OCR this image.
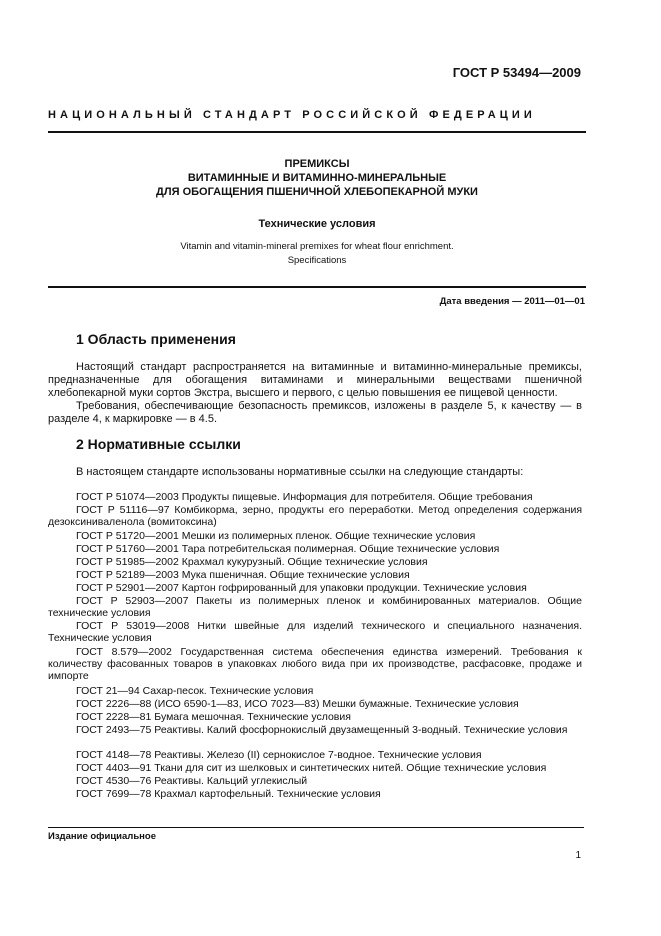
ГОСТ Р 53494—2009
НАЦИОНАЛЬНЫЙ СТАНДАРТ РОССИЙСКОЙ ФЕДЕРАЦИИ
ПРЕМИКСЫ
ВИТАМИННЫЕ И ВИТАМИННО-МИНЕРАЛЬНЫЕ
ДЛЯ ОБОГАЩЕНИЯ ПШЕНИЧНОЙ ХЛЕБОПЕКАРНОЙ МУКИ
Технические условия
Vitamin and vitamin-mineral premixes for wheat flour enrichment.
Specifications
Дата введения — 2011—01—01
1 Область применения

Настоящий стандарт распространяется на витаминные и витаминно-минеральные премиксы, предназначенные для обогащения витаминами и минеральными веществами пшеничной хлебопекарной муки сортов Экстра, высшего и первого, с целью повышения ее пищевой ценности.

Требования, обеспечивающие безопасность премиксов, изложены в разделе 5, к качеству — в разделе 4, к маркировке — в 4.5.

2 Нормативные ссылки

В настоящем стандарте использованы нормативные ссылки на следующие стандарты:

ГОСТ Р 51074—2003 Продукты пищевые. Информация для потребителя. Общие требования

ГОСТ Р 51116—97 Комбикорма, зерно, продукты его переработки. Метод определения содержания дезоксиниваленола (вомитоксина)

ГОСТ Р 51720—2001 Мешки из полимерных пленок. Общие технические условия

ГОСТ Р 51760—2001 Тара потребительская полимерная. Общие технические условия

ГОСТ Р 51985—2002 Крахмал кукурузный. Общие технические условия

ГОСТ Р 52189—2003 Мука пшеничная. Общие технические условия

ГОСТ Р 52901—2007 Картон гофрированный для упаковки продукции. Технические условия

ГОСТ Р 52903—2007 Пакеты из полимерных пленок и комбинированных материалов. Общие технические условия

ГОСТ Р 53019—2008 Нитки швейные для изделий технического и специального назначения. Технические условия

ГОСТ 8.579—2002 Государственная система обеспечения единства измерений. Требования к количеству фасованных товаров в упаковках любого вида при их производстве, расфасовке, продаже и импорте

ГОСТ 21—94 Сахар-песок. Технические условия

ГОСТ 2226—88 (ИСО 6590-1—83, ИСО 7023—83) Мешки бумажные. Технические условия

ГОСТ 2228—81 Бумага мешочная. Технические условия

ГОСТ 2493—75 Реактивы. Калий фосфорнокислый двузамещенный 3-водный. Технические условия

ГОСТ 4148—78 Реактивы. Железо (II) сернокислое 7-водное. Технические условия

ГОСТ 4403—91 Ткани для сит из шелковых и синтетических нитей. Общие технические условия

ГОСТ 4530—76 Реактивы. Кальций углекислый

ГОСТ 7699—78 Крахмал картофельный. Технические условия

Издание официальное
1
